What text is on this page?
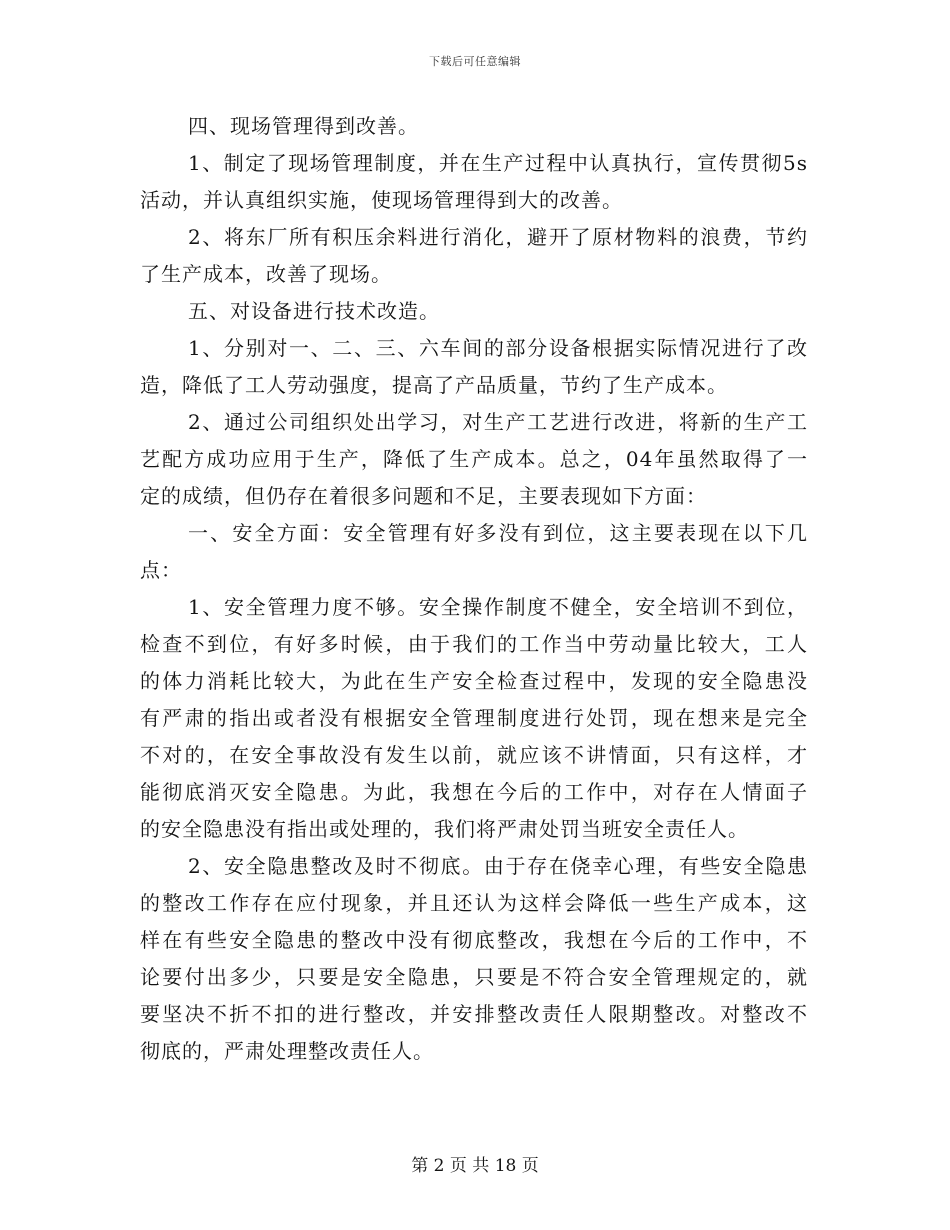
下载后可任意编辑
四、现场管理得到改善。
1、制定了现场管理制度，并在生产过程中认真执行，宣传贯彻5s
活动，并认真组织实施，使现场管理得到大的改善。
2、将东厂所有积压余料进行消化，避开了原材物料的浪费，节约
了生产成本，改善了现场。
五、对设备进行技术改造。
1、分别对一、二、三、六车间的部分设备根据实际情况进行了改
造，降低了工人劳动强度，提高了产品质量，节约了生产成本。
2、通过公司组织处出学习，对生产工艺进行改进，将新的生产工
艺配方成功应用于生产，降低了生产成本。总之，04年虽然取得了一
定的成绩，但仍存在着很多问题和不足，主要表现如下方面：
一、安全方面：安全管理有好多没有到位，这主要表现在以下几
点：
1、安全管理力度不够。安全操作制度不健全，安全培训不到位，
检查不到位，有好多时候，由于我们的工作当中劳动量比较大，工人
的体力消耗比较大，为此在生产安全检查过程中，发现的安全隐患没
有严肃的指出或者没有根据安全管理制度进行处罚，现在想来是完全
不对的，在安全事故没有发生以前，就应该不讲情面，只有这样，才
能彻底消灭安全隐患。为此，我想在今后的工作中，对存在人情面子
的安全隐患没有指出或处理的，我们将严肃处罚当班安全责任人。
2、安全隐患整改及时不彻底。由于存在侥幸心理，有些安全隐患
的整改工作存在应付现象，并且还认为这样会降低一些生产成本，这
样在有些安全隐患的整改中没有彻底整改，我想在今后的工作中，不
论要付出多少，只要是安全隐患，只要是不符合安全管理规定的，就
要坚决不折不扣的进行整改，并安排整改责任人限期整改。对整改不
彻底的，严肃处理整改责任人。
第 2 页 共 18 页
